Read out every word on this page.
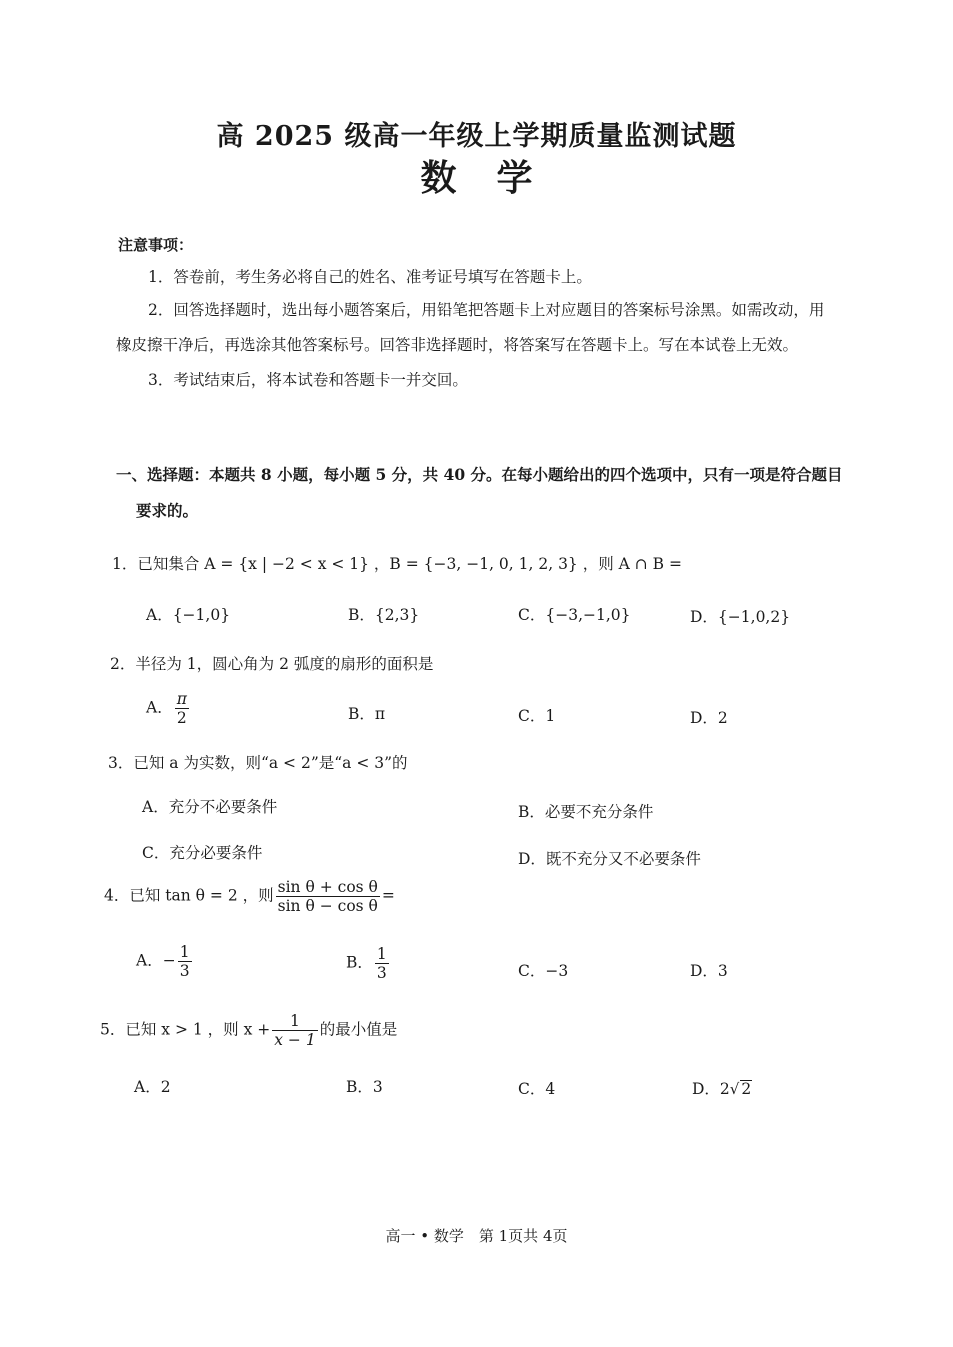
高 2025 级高一年级上学期质量监测试题
数学
注意事项：
1．答卷前，考生务必将自己的姓名、准考证号填写在答题卡上。
2．回答选择题时，选出每小题答案后，用铅笔把答题卡上对应题目的答案标号涂黑。如需改动，用
橡皮擦干净后，再选涂其他答案标号。回答非选择题时，将答案写在答题卡上。写在本试卷上无效。
3．考试结束后，将本试卷和答题卡一并交回。
一、选择题：本题共 8 小题，每小题 5 分，共 40 分。在每小题给出的四个选项中，只有一项是符合题目
要求的。
1．已知集合 A = {x | −2 < x < 1} ，B = {−3, −1, 0, 1, 2, 3} ，则 A ∩ B =
A．{−1,0}	B．{2,3}	C．{−3,−1,0}	D．{−1,0,2}
2．半径为 1，圆心角为 2 弧度的扇形的面积是
A． $\frac{\pi}{2}$	B．π	C．1	D．2
3．已知 a 为实数，则“a < 2”是“a < 3”的
A．充分不必要条件	B．必要不充分条件
C．充分必要条件	D．既不充分又不必要条件
4．已知 tan θ = 2 ，则 $\frac{\text{sin θ + cos θ}}{\text{sin θ − cos θ}}$ =
A．− $\frac{1}{3}$	B． $\frac{1}{3}$	C．−3	D．3
5．已知 x > 1 ，则 $x + \frac{1}{x - 1}$ 的最小值是
A．2	B．3	C．4	D．2√ 2
高一 • 数学　第 1页共 4页
